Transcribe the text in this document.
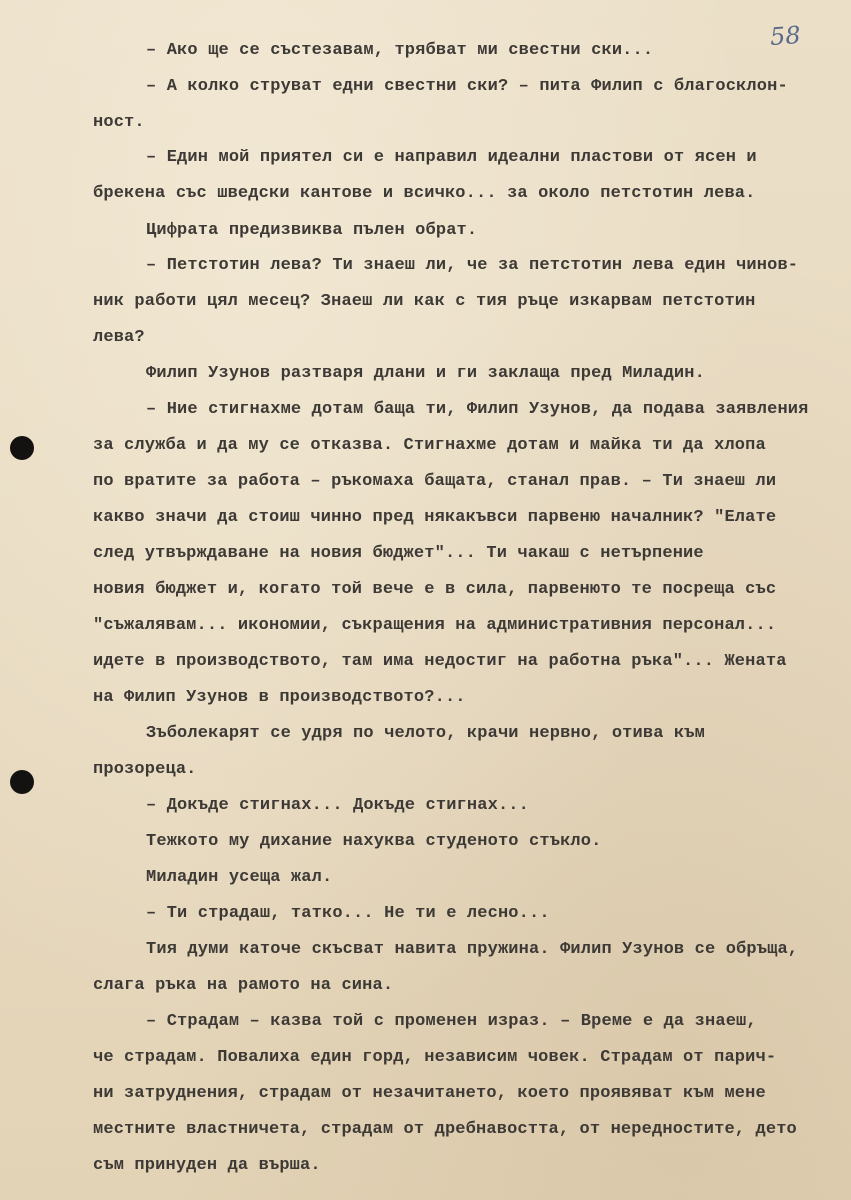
58
– Ако ще се състезавам, трябват ми свестни ски...
– А колко струват едни свестни ски? – пита Филип с благосклон-
ност.
– Един мой приятел си е направил идеални пластови от ясен и
брекена със шведски кантове и всичко... за около петстотин лева.
Цифрата предизвиква пълен обрат.
– Петстотин лева? Ти знаеш ли, че за петстотин лева един чинов-
ник работи цял месец? Знаеш ли как с тия ръце изкарвам петстотин
лева?
Филип Узунов разтваря длани и ги заклаща пред Миладин.
– Ние стигнахме дотам баща ти, Филип Узунов, да подава заявления
за служба и да му се отказва. Стигнахме дотам и майка ти да хлопа
по вратите за работа – ръкомаха бащата, станал прав. – Ти знаеш ли
какво значи да стоиш чинно пред някакъвси парвеню началник? "Елате
след утвърждаване на новия бюджет"... Ти чакаш с нетърпение
новия бюджет и, когато той вече е в сила, парвенюто те посреща със
"съжалявам... икономии, съкращения на административния персонал...
идете в производството, там има недостиг на работна ръка"... Жената
на Филип Узунов в производството?...
Зъболекарят се удря по челото, крачи нервно, отива към
прозореца.
– Докъде стигнах... Докъде стигнах...
Тежкото му дихание нахуква студеното стъкло.
Миладин усеща жал.
– Ти страдаш, татко... Не ти е лесно...
Тия думи каточе скъсват навита пружина. Филип Узунов се обръща,
слага ръка на рамото на сина.
– Страдам – казва той с променен израз. – Време е да знаеш,
че страдам. Повалиха един горд, независим човек. Страдам от парич-
ни затруднения, страдам от незачитането, което проявяват към мене
местните властничета, страдам от дребнавостта, от нередностите, дето
съм принуден да върша.
